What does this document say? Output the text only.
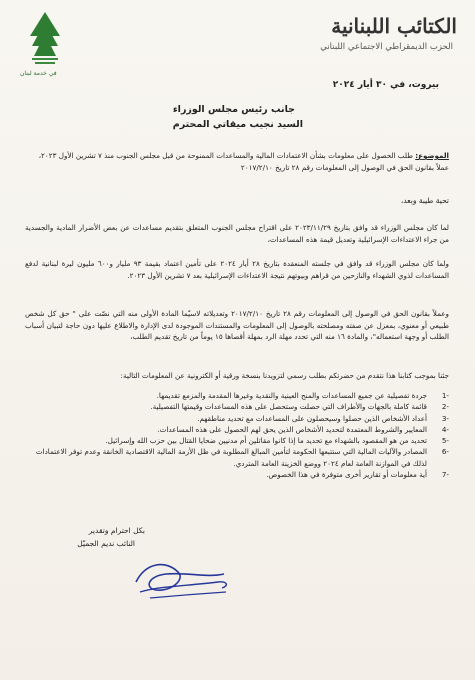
الكتائب اللبنانية
الحزب الديمقراطي الاجتماعي اللبناني
في خدمة لبنان
بيروت، في ٣٠ أيار ٢٠٢٤
جانب رئيس مجلس الوزراء
السيد نجيب ميقاتي المحترم
الموضوع: طلب الحصول على معلومات بشأن الاعتمادات المالية والمساعدات الممنوحة من قبل مجلس الجنوب منذ ٧ تشرين الأول ٢٠٢٣، عملاً بقانون الحق في الوصول إلى المعلومات رقم ٢٨ تاريخ ٢٠١٧/٢/١٠
تحية طيبة وبعد،
لما كان مجلس الوزراء قد وافق بتاريخ ٢٠٢٣/١١/٢٩ على اقتراح مجلس الجنوب المتعلق بتقديم مساعدات عن بعض الأضرار المادية والجسدية من جراء الاعتداءات الإسرائيلية وتعديل قيمة هذه المساعدات،
ولما كان مجلس الوزراء قد وافق في جلسته المنعقدة بتاريخ ٢٨ أيار ٢٠٢٤ على تأمين اعتماد بقيمة ٩٣ مليار و٦٠٠ مليون ليرة لبنانية لدفع المساعدات لذوي الشهداء والنازحين من قراهم وبيوتهم نتيجة الاعتداءات الإسرائيلية بعد ٧ تشرين الأول ٢٠٢٣.
وعملاً بقانون الحق في الوصول إلى المعلومات رقم ٢٨ تاريخ ٢٠١٧/٢/١٠ وتعديلاته لاسيّما المادة الأولى منه التي نصّت على " حق كل شخص طبيعي أو معنوي، بمعزل عن صفته ومصلحته بالوصول إلى المعلومات والمستندات الموجودة لدى الإدارة والاطلاع عليها دون حاجة لتبيان أسباب الطلب أو وجهة استعماله"، والمادة ١٦ منه التي تحدد مهلة الرد بمهلة أقصاها ١٥ يوماً من تاريخ تقديم الطلب،
جئنا بموجب كتابنا هذا نتقدم من حضرتكم بطلب رسمي لتزويدنا بنسخة ورقية أو الكترونية عن المعلومات التالية:
-1
جردة تفصيلية عن جميع المساعدات والمنح العينية والنقدية وغيرها المقدمة والمزمع تقديمها.
-2
قائمة كاملة بالجهات والأطراف التي حصلت وستحصل على هذه المساعدات وقيمتها التفصيلية.
-3
أعداد الأشخاص الذين حصلوا وسيحصلون على المساعدات مع تحديد مناطقهم.
-4
المعايير والشروط المعتمدة لتحديد الأشخاص الذين يحق لهم الحصول على هذه المساعدات.
-5
تحديد من هو المقصود بالشهداء مع تحديد ما إذا كانوا مقاتلين أم مدنيين ضحايا القتال بين حزب الله وإسرائيل.
-6
المصادر والآليات المالية التي ستتبعها الحكومة لتأمين المبالغ المطلوبة في ظل الأزمة المالية الاقتصادية الخانقة وعدم توفر الاعتمادات لذلك في الموازنة العامة لعام ٢٠٢٤ ووضع الخزينة العامة المتردي.
-7
أية معلومات أو تقارير أخرى متوفرة في هذا الخصوص.
بكل احترام وتقدير
النائب نديم الجميّل
